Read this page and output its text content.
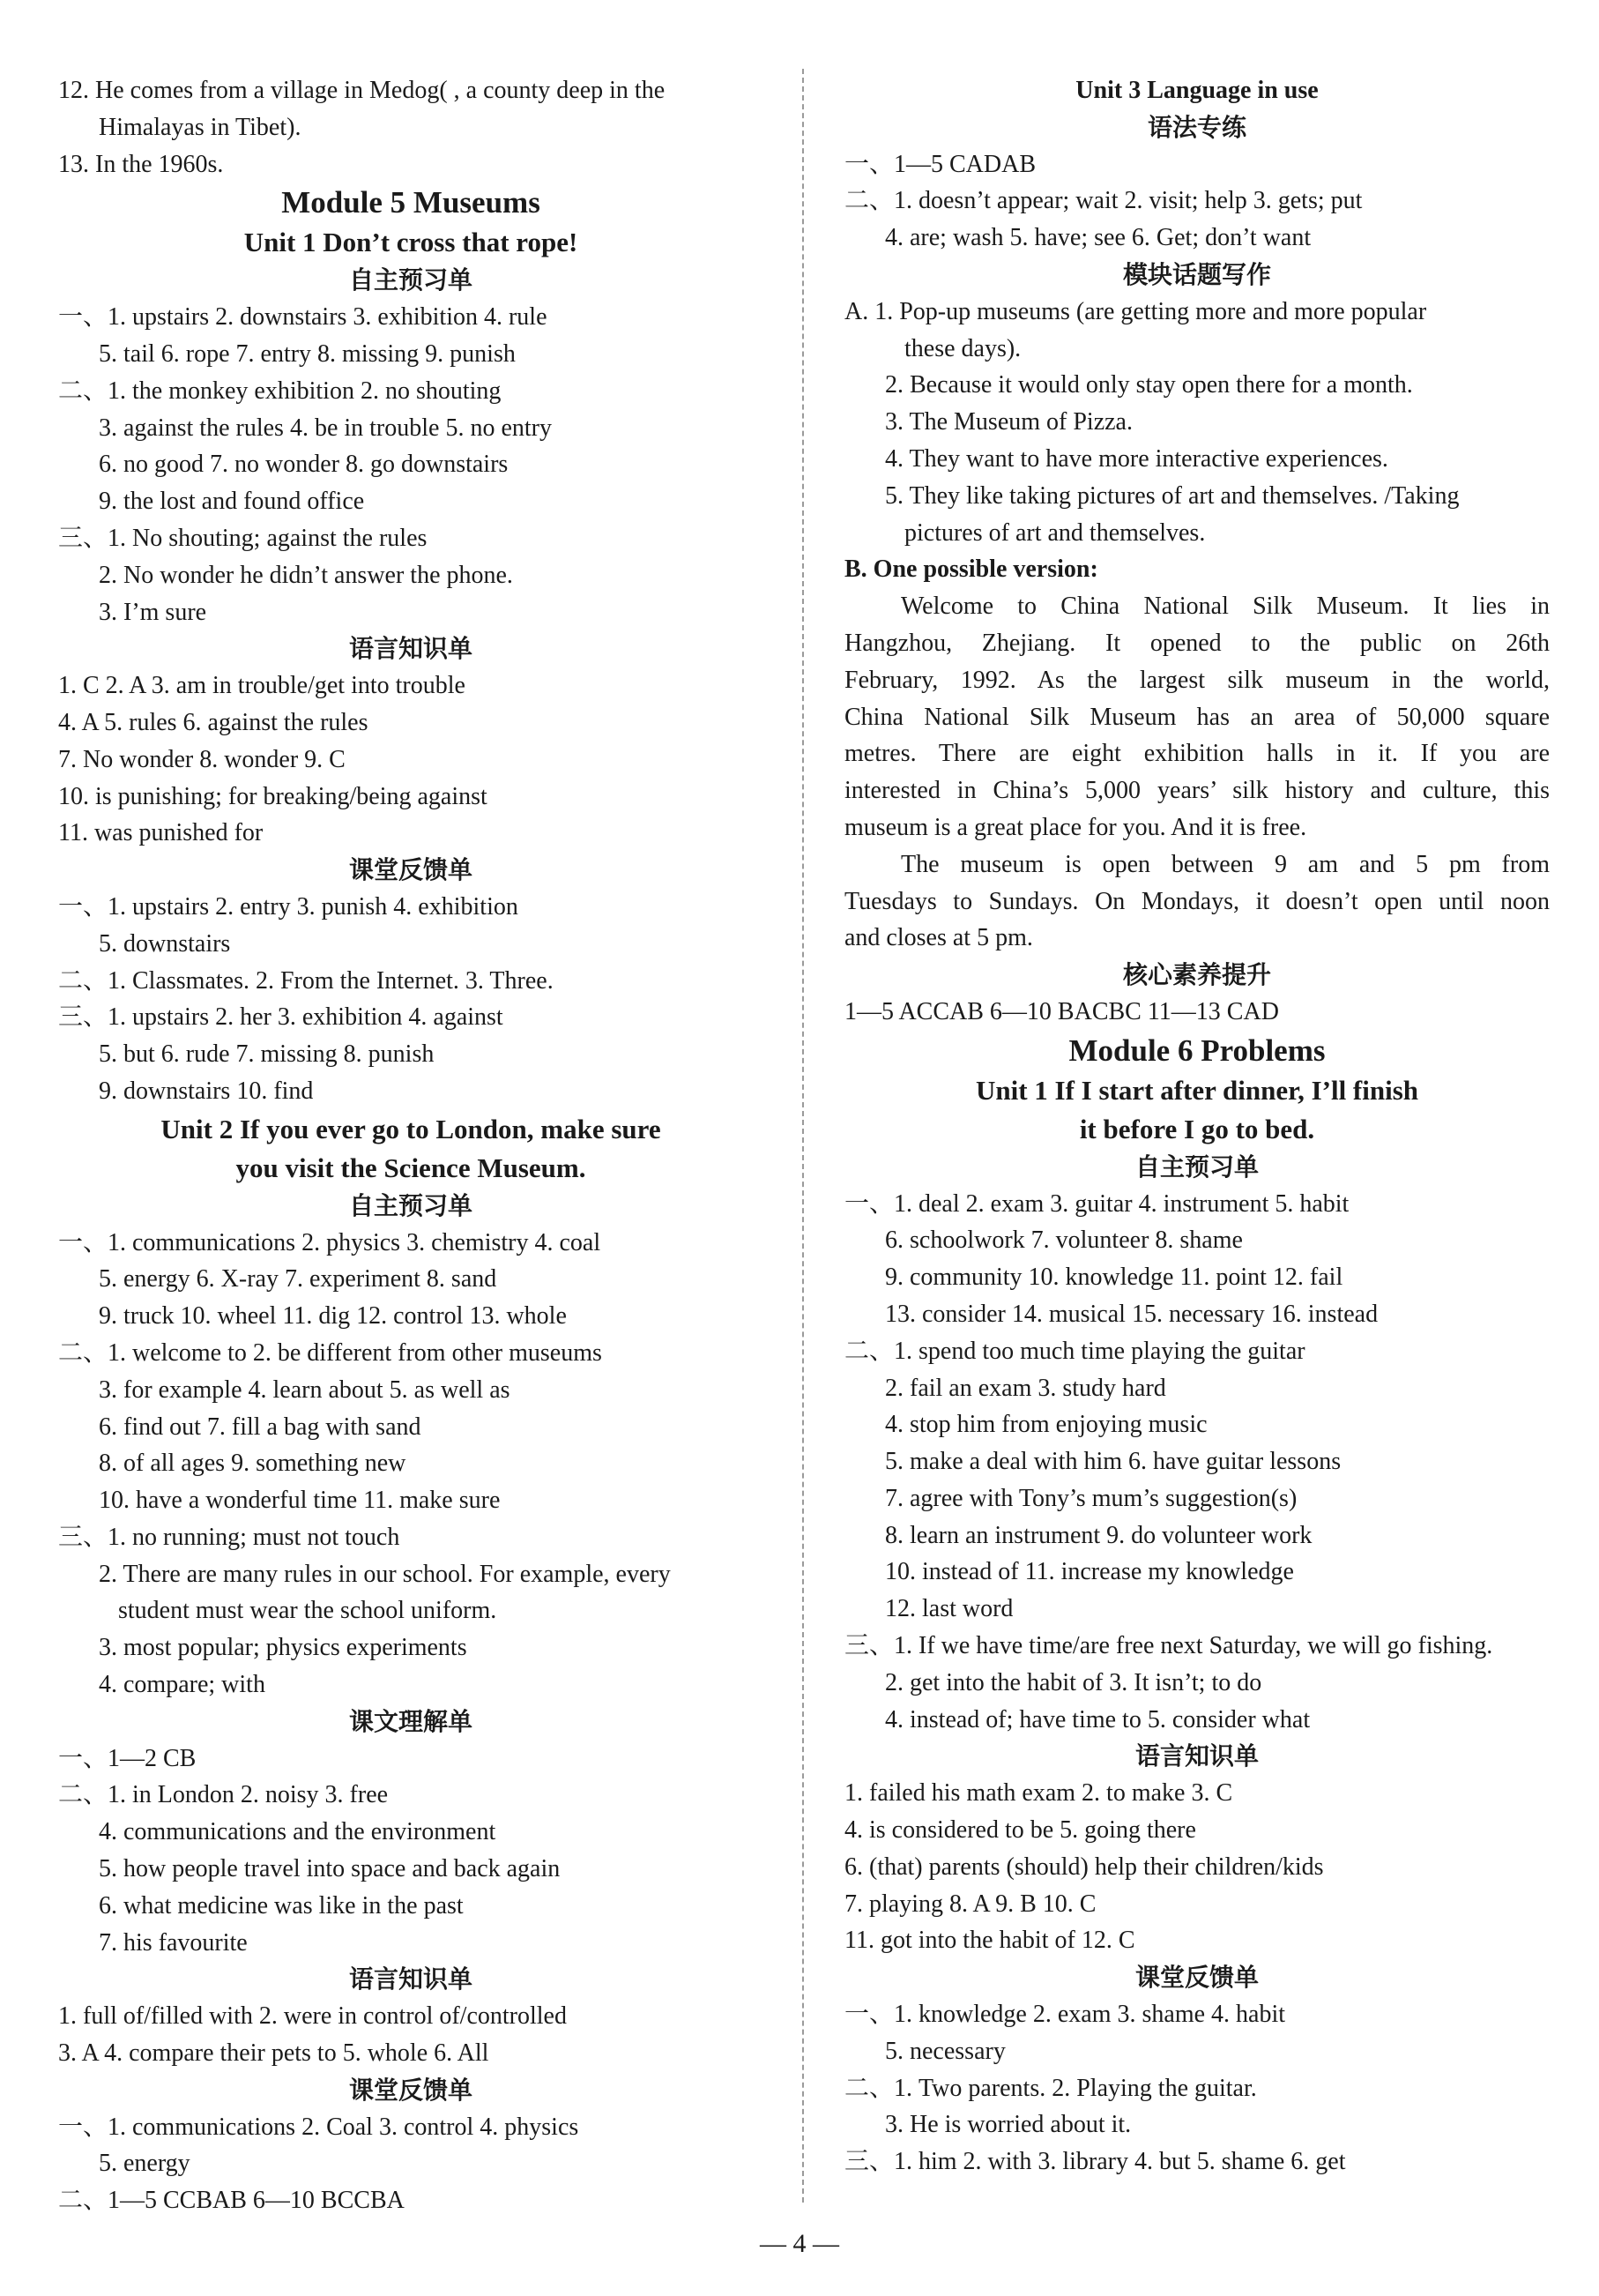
12. He comes from a village in Medog( , a county deep in the
Himalayas in Tibet).
13. In the 1960s.
Module 5 Museums
Unit 1 Don’t cross that rope!
自主预习单
一、1. upstairs 2. downstairs 3. exhibition 4. rule
5. tail 6. rope 7. entry 8. missing 9. punish
二、1. the monkey exhibition 2. no shouting
3. against the rules 4. be in trouble 5. no entry
6. no good 7. no wonder 8. go downstairs
9. the lost and found office
三、1. No shouting; against the rules
2. No wonder he didn’t answer the phone.
3. I’m sure
语言知识单
1. C 2. A 3. am in trouble/get into trouble
4. A 5. rules 6. against the rules
7. No wonder 8. wonder 9. C
10. is punishing; for breaking/being against
11. was punished for
课堂反馈单
一、1. upstairs 2. entry 3. punish 4. exhibition
5. downstairs
二、1. Classmates. 2. From the Internet. 3. Three.
三、1. upstairs 2. her 3. exhibition 4. against
5. but 6. rude 7. missing 8. punish
9. downstairs 10. find
Unit 2 If you ever go to London, make sure
you visit the Science Museum.
自主预习单
一、1. communications 2. physics 3. chemistry 4. coal
5. energy 6. X-ray 7. experiment 8. sand
9. truck 10. wheel 11. dig 12. control 13. whole
二、1. welcome to 2. be different from other museums
3. for example 4. learn about 5. as well as
6. find out 7. fill a bag with sand
8. of all ages 9. something new
10. have a wonderful time 11. make sure
三、1. no running; must not touch
2. There are many rules in our school. For example, every
student must wear the school uniform.
3. most popular; physics experiments
4. compare; with
课文理解单
一、1—2 CB
二、1. in London 2. noisy 3. free
4. communications and the environment
5. how people travel into space and back again
6. what medicine was like in the past
7. his favourite
语言知识单
1. full of/filled with 2. were in control of/controlled
3. A 4. compare their pets to 5. whole 6. All
课堂反馈单
一、1. communications 2. Coal 3. control 4. physics
5. energy
二、1—5 CCBAB 6—10 BCCBA
Unit 3 Language in use
语法专练
一、1—5 CADAB
二、1. doesn’t appear; wait 2. visit; help 3. gets; put
4. are; wash 5. have; see 6. Get; don’t want
模块话题写作
A. 1. Pop-up museums (are getting more and more popular
these days).
2. Because it would only stay open there for a month.
3. The Museum of Pizza.
4. They want to have more interactive experiences.
5. They like taking pictures of art and themselves. /Taking
pictures of art and themselves.
B. One possible version:
Welcome to China National Silk Museum. It lies in
Hangzhou, Zhejiang. It opened to the public on 26th
February, 1992. As the largest silk museum in the world,
China National Silk Museum has an area of 50,000 square
metres. There are eight exhibition halls in it. If you are
interested in China’s 5,000 years’ silk history and culture, this
museum is a great place for you. And it is free.
The museum is open between 9 am and 5 pm from
Tuesdays to Sundays. On Mondays, it doesn’t open until noon
and closes at 5 pm.
核心素养提升
1—5 ACCAB 6—10 BACBC 11—13 CAD
Module 6 Problems
Unit 1 If I start after dinner, I’ll finish
it before I go to bed.
自主预习单
一、1. deal 2. exam 3. guitar 4. instrument 5. habit
6. schoolwork 7. volunteer 8. shame
9. community 10. knowledge 11. point 12. fail
13. consider 14. musical 15. necessary 16. instead
二、1. spend too much time playing the guitar
2. fail an exam 3. study hard
4. stop him from enjoying music
5. make a deal with him 6. have guitar lessons
7. agree with Tony’s mum’s suggestion(s)
8. learn an instrument 9. do volunteer work
10. instead of 11. increase my knowledge
12. last word
三、1. If we have time/are free next Saturday, we will go fishing.
2. get into the habit of 3. It isn’t; to do
4. instead of; have time to 5. consider what
语言知识单
1. failed his math exam 2. to make 3. C
4. is considered to be 5. going there
6. (that) parents (should) help their children/kids
7. playing 8. A 9. B 10. C
11. got into the habit of 12. C
课堂反馈单
一、1. knowledge 2. exam 3. shame 4. habit
5. necessary
二、1. Two parents. 2. Playing the guitar.
3. He is worried about it.
三、1. him 2. with 3. library 4. but 5. shame 6. get
— 4 —
